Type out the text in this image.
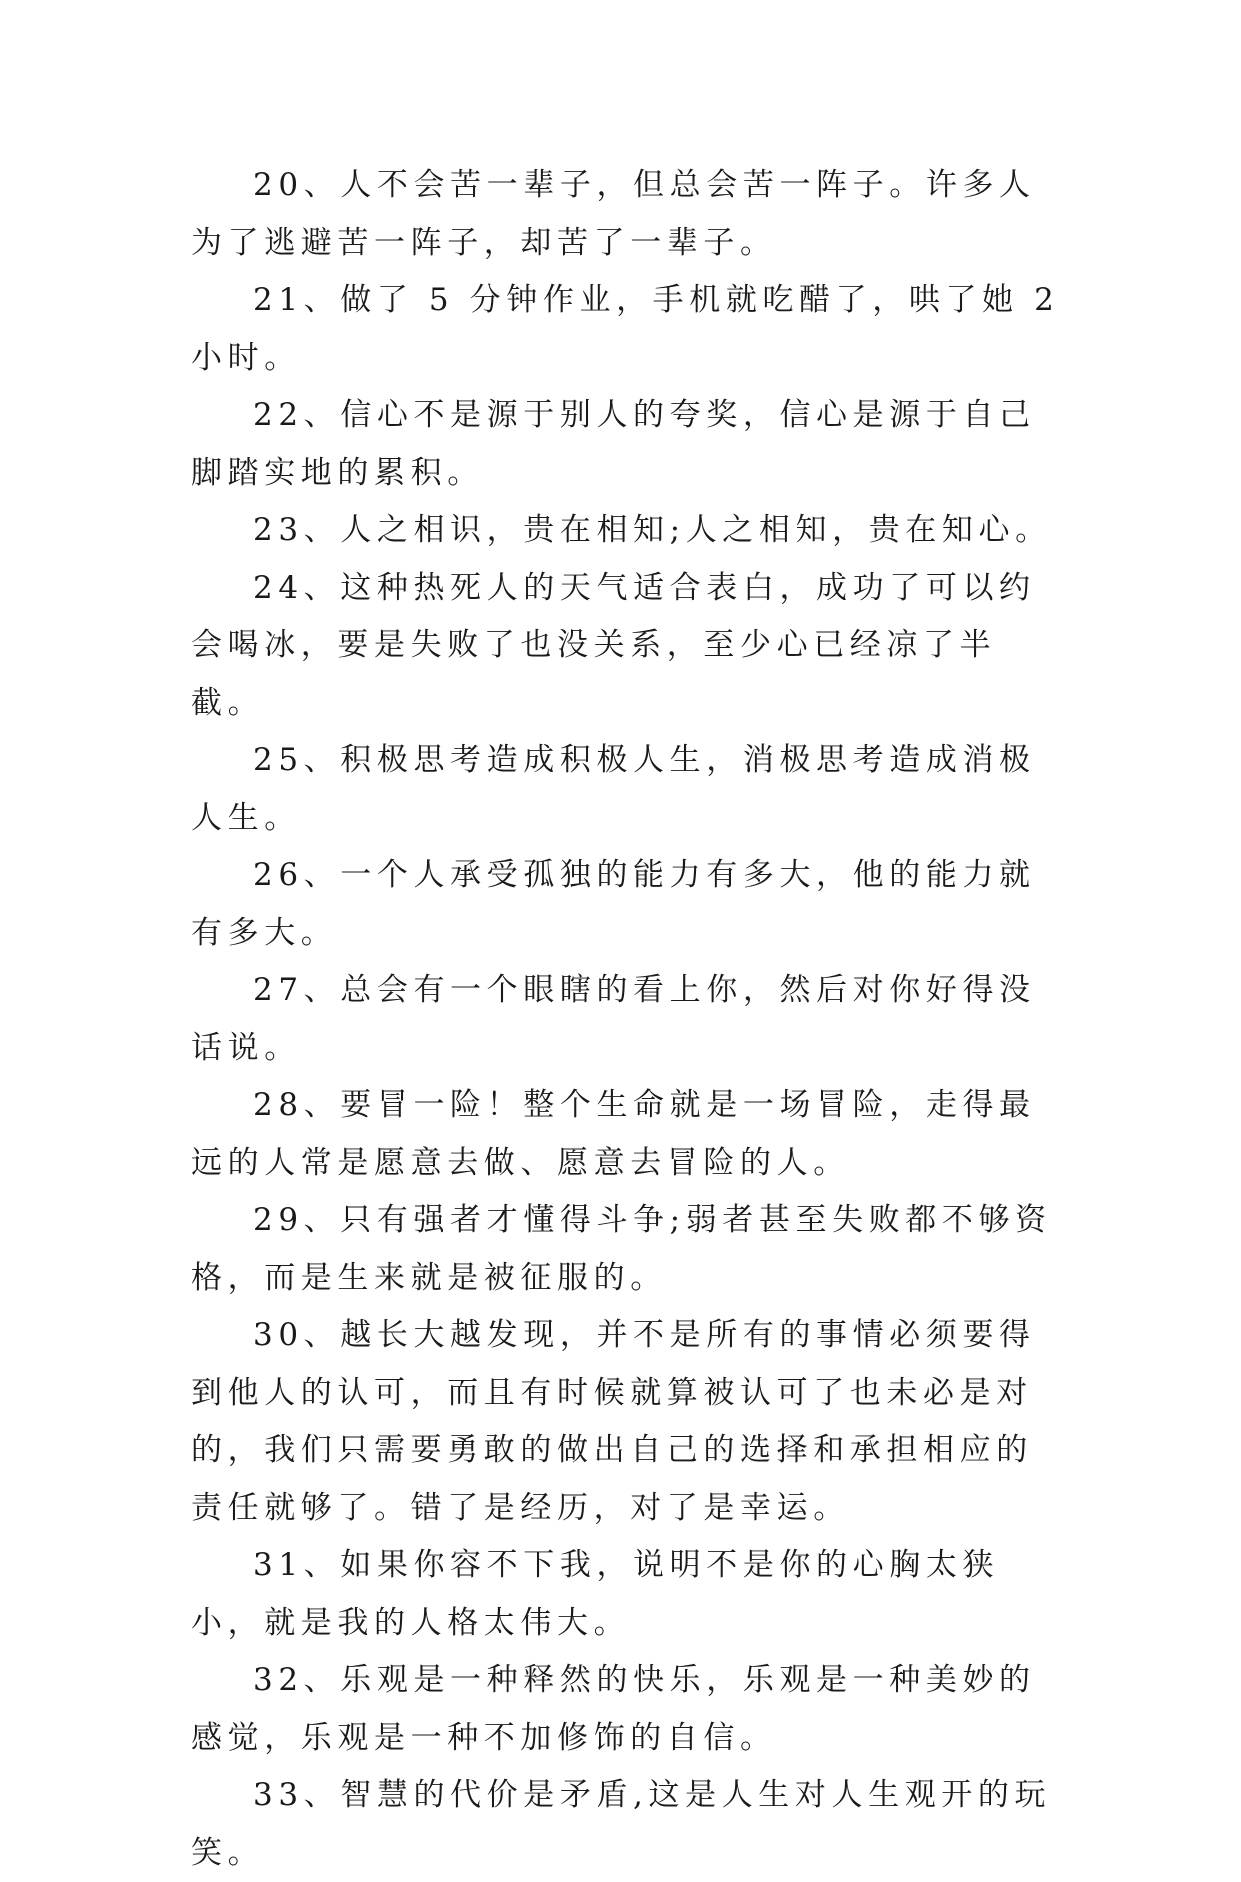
20、人不会苦一辈子，但总会苦一阵子。许多人为了逃避苦一阵子，却苦了一辈子。

21、做了 5 分钟作业，手机就吃醋了，哄了她 2 小时。

22、信心不是源于别人的夸奖，信心是源于自己脚踏实地的累积。

23、人之相识，贵在相知;人之相知，贵在知心。

24、这种热死人的天气适合表白，成功了可以约会喝冰，要是失败了也没关系，至少心已经凉了半截。

25、积极思考造成积极人生，消极思考造成消极人生。

26、一个人承受孤独的能力有多大，他的能力就有多大。

27、总会有一个眼瞎的看上你，然后对你好得没话说。

28、要冒一险！整个生命就是一场冒险，走得最远的人常是愿意去做、愿意去冒险的人。

29、只有强者才懂得斗争;弱者甚至失败都不够资格，而是生来就是被征服的。

30、越长大越发现，并不是所有的事情必须要得到他人的认可，而且有时候就算被认可了也未必是对的，我们只需要勇敢的做出自己的选择和承担相应的责任就够了。错了是经历，对了是幸运。

31、如果你容不下我，说明不是你的心胸太狭小，就是我的人格太伟大。

32、乐观是一种释然的快乐，乐观是一种美妙的感觉，乐观是一种不加修饰的自信。

33、智慧的代价是矛盾,这是人生对人生观开的玩笑。
